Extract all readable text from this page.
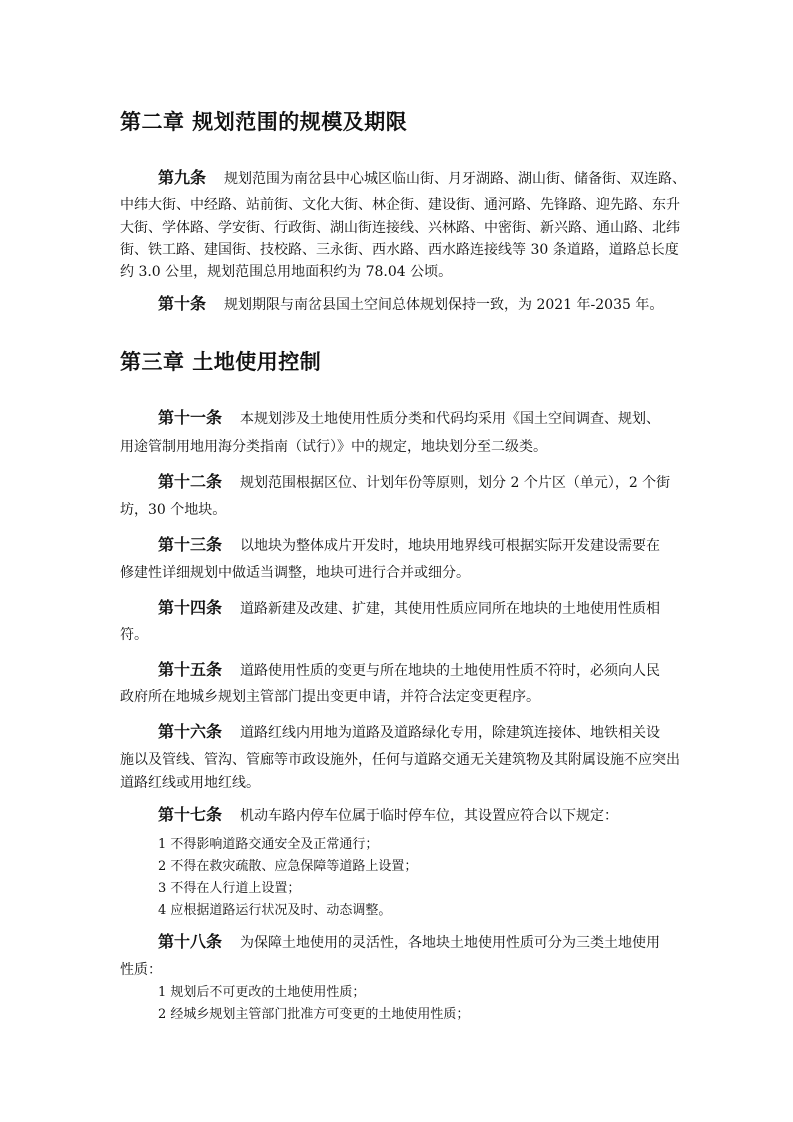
第二章 规划范围的规模及期限
第九条 规划范围为南岔县中心城区临山街、月牙湖路、湖山街、储备街、双连路、
中纬大街、中经路、站前街、文化大街、林企街、建设街、通河路、先锋路、迎先路、东升
大街、学体路、学安街、行政街、湖山街连接线、兴林路、中密街、新兴路、通山路、北纬
街、铁工路、建国街、技校路、三永街、西水路、西水路连接线等 30 条道路，道路总长度
约 3.0 公里，规划范围总用地面积约为 78.04 公顷。
第十条 规划期限与南岔县国土空间总体规划保持一致，为 2021 年-2035 年。
第三章 土地使用控制
第十一条 本规划涉及土地使用性质分类和代码均采用《国土空间调查、规划、
用途管制用地用海分类指南（试行）》中的规定，地块划分至二级类。
第十二条 规划范围根据区位、计划年份等原则，划分 2 个片区（单元），2 个街
坊，30 个地块。
第十三条 以地块为整体成片开发时，地块用地界线可根据实际开发建设需要在
修建性详细规划中做适当调整，地块可进行合并或细分。
第十四条 道路新建及改建、扩建，其使用性质应同所在地块的土地使用性质相
符。
第十五条 道路使用性质的变更与所在地块的土地使用性质不符时，必须向人民
政府所在地城乡规划主管部门提出变更申请，并符合法定变更程序。
第十六条 道路红线内用地为道路及道路绿化专用，除建筑连接体、地铁相关设
施以及管线、管沟、管廊等市政设施外，任何与道路交通无关建筑物及其附属设施不应突出
道路红线或用地红线。
第十七条 机动车路内停车位属于临时停车位，其设置应符合以下规定：
1 不得影响道路交通安全及正常通行；
2 不得在救灾疏散、应急保障等道路上设置；
3 不得在人行道上设置；
4 应根据道路运行状况及时、动态调整。
第十八条 为保障土地使用的灵活性，各地块土地使用性质可分为三类土地使用
性质：
1 规划后不可更改的土地使用性质；
2 经城乡规划主管部门批准方可变更的土地使用性质；
